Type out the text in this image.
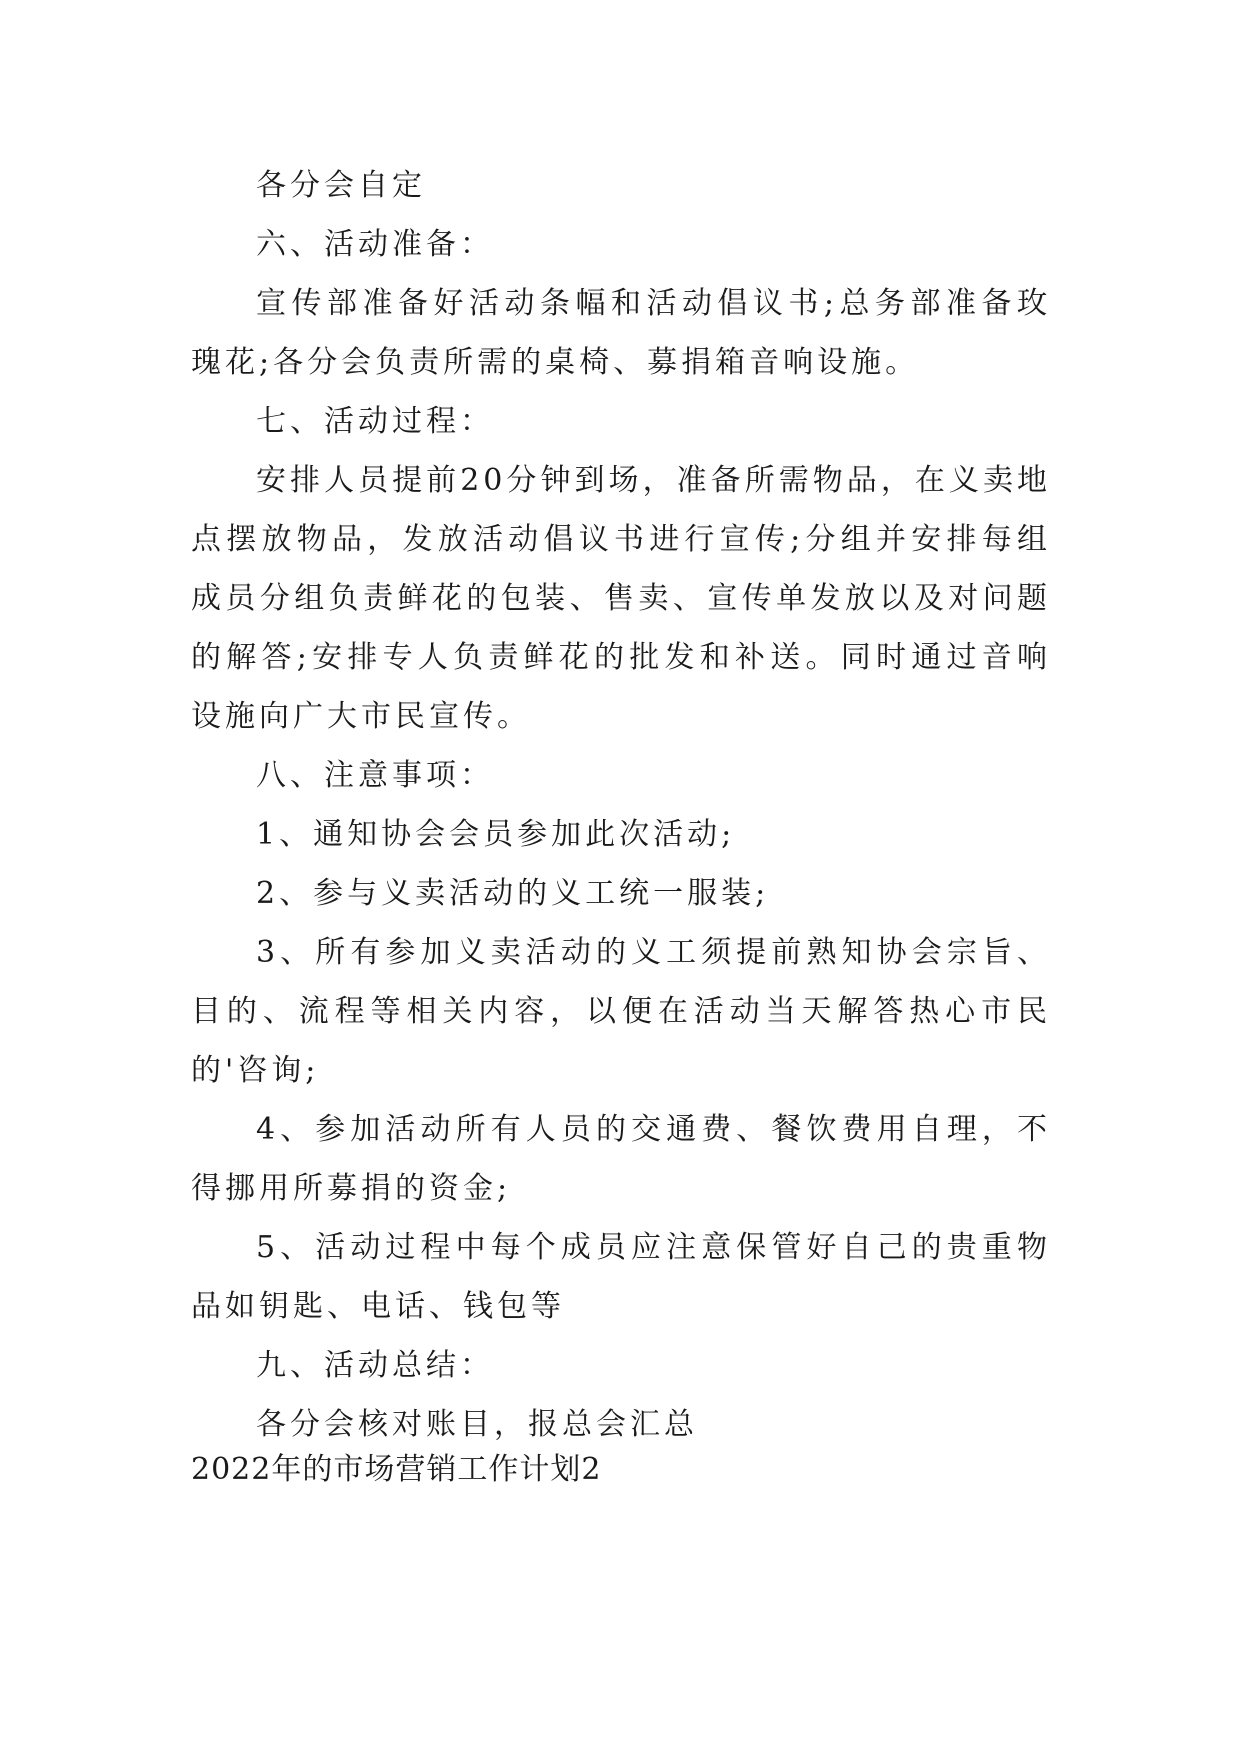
各分会自定

六、活动准备：

宣传部准备好活动条幅和活动倡议书;总务部准备玫瑰花;各分会负责所需的桌椅、募捐箱音响设施。

七、活动过程：

安排人员提前20分钟到场，准备所需物品，在义卖地点摆放物品，发放活动倡议书进行宣传;分组并安排每组成员分组负责鲜花的包装、售卖、宣传单发放以及对问题的解答;安排专人负责鲜花的批发和补送。同时通过音响设施向广大市民宣传。

八、注意事项：

1、通知协会会员参加此次活动;

2、参与义卖活动的义工统一服装;

3、所有参加义卖活动的义工须提前熟知协会宗旨、目的、流程等相关内容，以便在活动当天解答热心市民的'咨询;

4、参加活动所有人员的交通费、餐饮费用自理，不得挪用所募捐的资金;

5、活动过程中每个成员应注意保管好自己的贵重物品如钥匙、电话、钱包等

九、活动总结：

各分会核对账目，报总会汇总

2022年的市场营销工作计划2
